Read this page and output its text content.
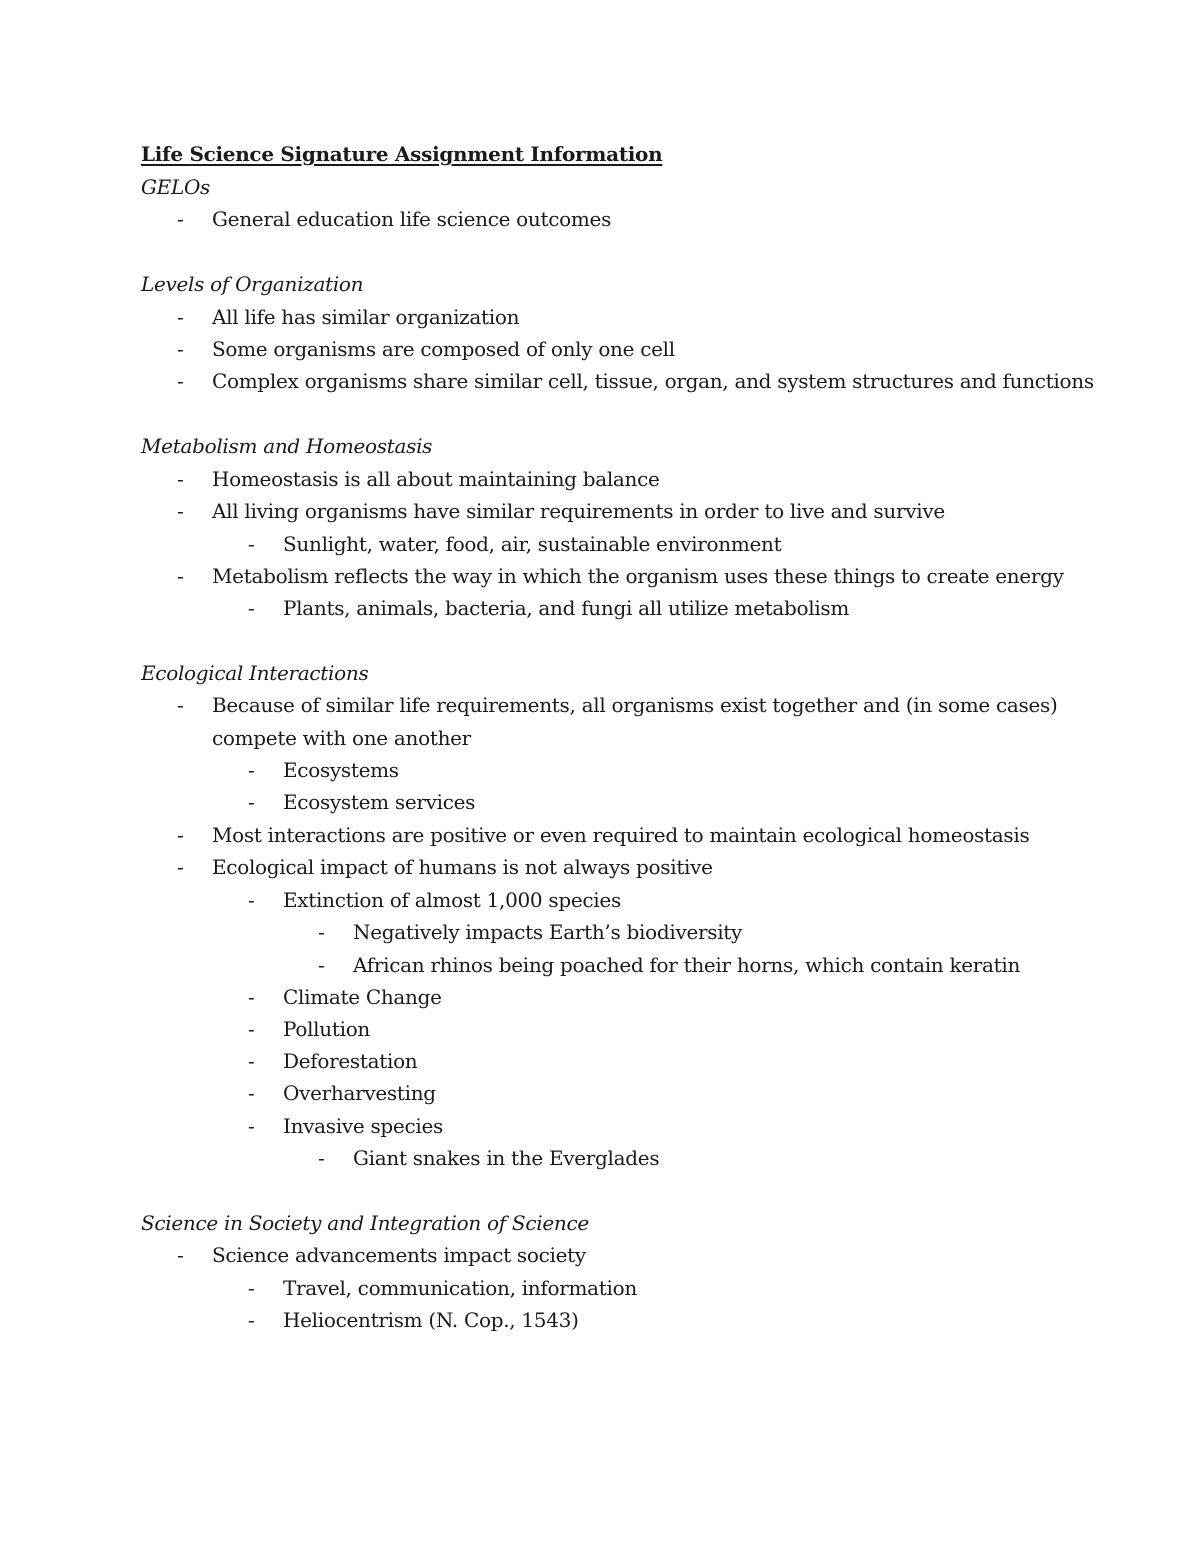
Life Science Signature Assignment Information
GELOs
- General education life science outcomes
Levels of Organization
- All life has similar organization
- Some organisms are composed of only one cell
- Complex organisms share similar cell, tissue, organ, and system structures and functions
Metabolism and Homeostasis
- Homeostasis is all about maintaining balance
- All living organisms have similar requirements in order to live and survive
- Sunlight, water, food, air, sustainable environment
- Metabolism reflects the way in which the organism uses these things to create energy
- Plants, animals, bacteria, and fungi all utilize metabolism
Ecological Interactions
- Because of similar life requirements, all organisms exist together and (in some cases)
compete with one another
- Ecosystems
- Ecosystem services
- Most interactions are positive or even required to maintain ecological homeostasis
- Ecological impact of humans is not always positive
- Extinction of almost 1,000 species
- Negatively impacts Earth’s biodiversity
- African rhinos being poached for their horns, which contain keratin
- Climate Change
- Pollution
- Deforestation
- Overharvesting
- Invasive species
- Giant snakes in the Everglades
Science in Society and Integration of Science
- Science advancements impact society
- Travel, communication, information
- Heliocentrism (N. Cop., 1543)
